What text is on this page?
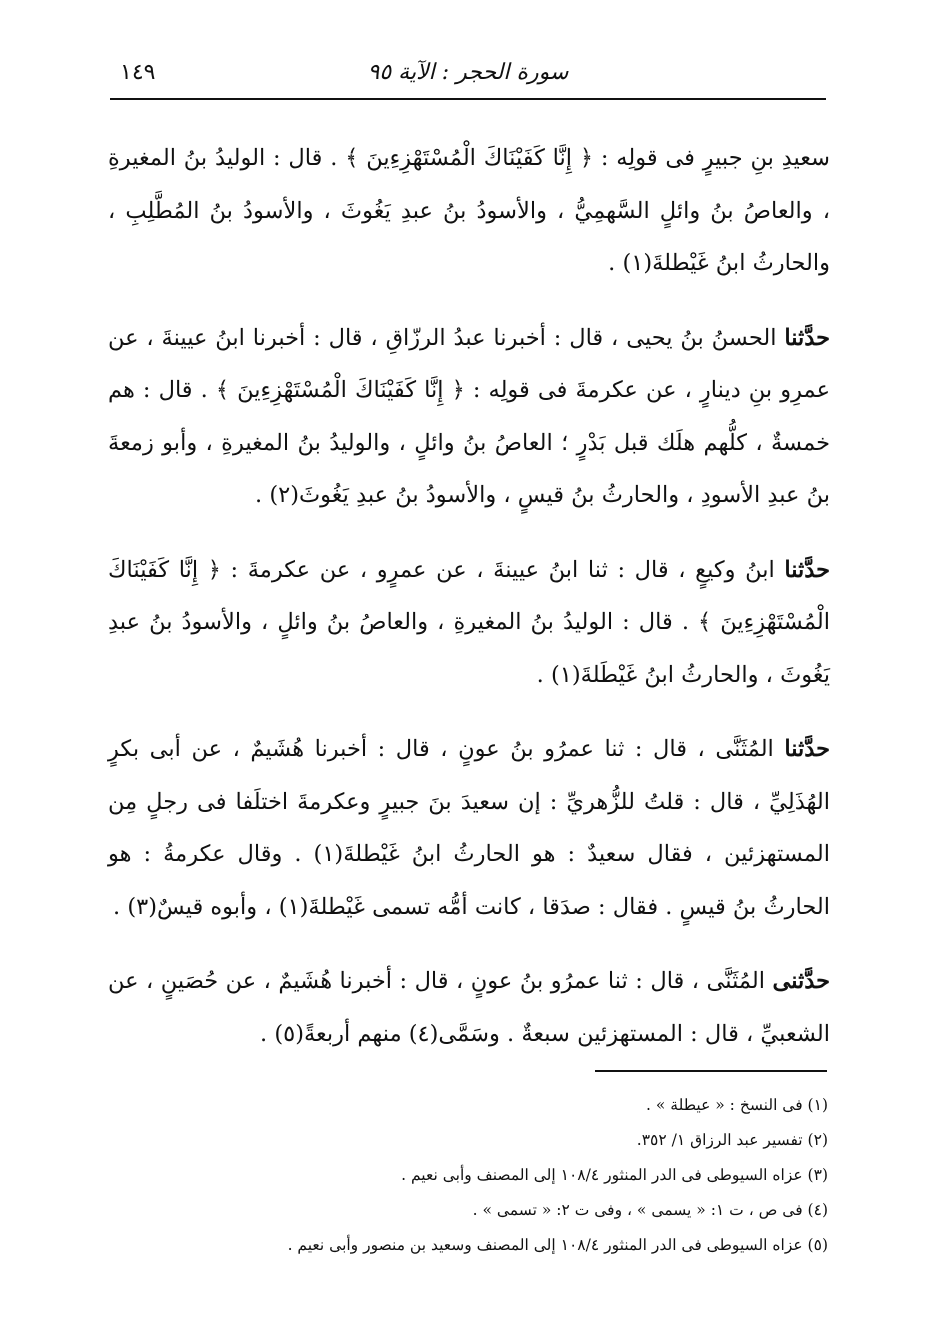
سورة الحجر : الآية ٩٥
١٤٩

سعيدِ بنِ جبيرٍ فى قولِه : ﴿ إِنَّا كَفَيْنَاكَ الْمُسْتَهْزِءِينَ ﴾ . قال : الوليدُ بنُ المغيرةِ ، والعاصُ بنُ وائلٍ السَّهمِيُّ ، والأسودُ بنُ عبدِ يَغُوثَ ، والأسودُ بنُ المُطَّلِبِ ، والحارثُ ابنُ غَيْطلةَ(١) .

حدَّثنا الحسنُ بنُ يحيى ، قال : أخبرنا عبدُ الرزّاقِ ، قال : أخبرنا ابنُ عيينةَ ، عن عمرِو بنِ دينارٍ ، عن عكرمةَ فى قولِه : ﴿ إِنَّا كَفَيْنَاكَ الْمُسْتَهْزِءِينَ ﴾ . قال : هم خمسةٌ ، كلُّهم هلَك قبل بَدْرٍ ؛ العاصُ بنُ وائلٍ ، والوليدُ بنُ المغيرةِ ، وأبو زمعةَ بنُ عبدِ الأسودِ ، والحارثُ بنُ قيسٍ ، والأسودُ بنُ عبدِ يَغُوثَ(٢) .

حدَّثنا ابنُ وكيعٍ ، قال : ثنا ابنُ عيينةَ ، عن عمرٍو ، عن عكرمةَ : ﴿ إِنَّا كَفَيْنَاكَ الْمُسْتَهْزِءِينَ ﴾ . قال : الوليدُ بنُ المغيرةِ ، والعاصُ بنُ وائلٍ ، والأسودُ بنُ عبدِ يَغُوثَ ، والحارثُ ابنُ غَيْطَلةَ(١) .

حدَّثنا المُثَنَّى ، قال : ثنا عمرُو بنُ عونٍ ، قال : أخبرنا هُشَيمٌ ، عن أبى بكرٍ الهُذَلِيِّ ، قال : قلتُ للزُّهريِّ : إن سعيدَ بنَ جبيرٍ وعكرمةَ اختلَفا فى رجلٍ مِن المستهزئين ، فقال سعيدٌ : هو الحارثُ ابنُ غَيْطلةَ(١) . وقال عكرمةُ : هو الحارثُ بنُ قيسٍ . فقال : صدَقا ، كانت أمُّه تسمى غَيْطلةَ(١) ، وأبوه قيسٌ(٣) .

حدَّثنى المُثَنَّى ، قال : ثنا عمرُو بنُ عونٍ ، قال : أخبرنا هُشَيمٌ ، عن حُصَينٍ ، عن الشعبيِّ ، قال : المستهزئين سبعةٌ . وسَمَّى(٤) منهم أربعةً(٥) .

(١) فى النسخ : « عيطلة » .

(٢) تفسير عبد الرزاق ١/ ٣٥٢.

(٣) عزاه السيوطى فى الدر المنثور ١٠٨/٤ إلى المصنف وأبى نعيم .

(٤) فى ص ، ت ١: « يسمى » ، وفى ت ٢: « تسمى » .

(٥) عزاه السيوطى فى الدر المنثور ١٠٨/٤ إلى المصنف وسعيد بن منصور وأبى نعيم .
